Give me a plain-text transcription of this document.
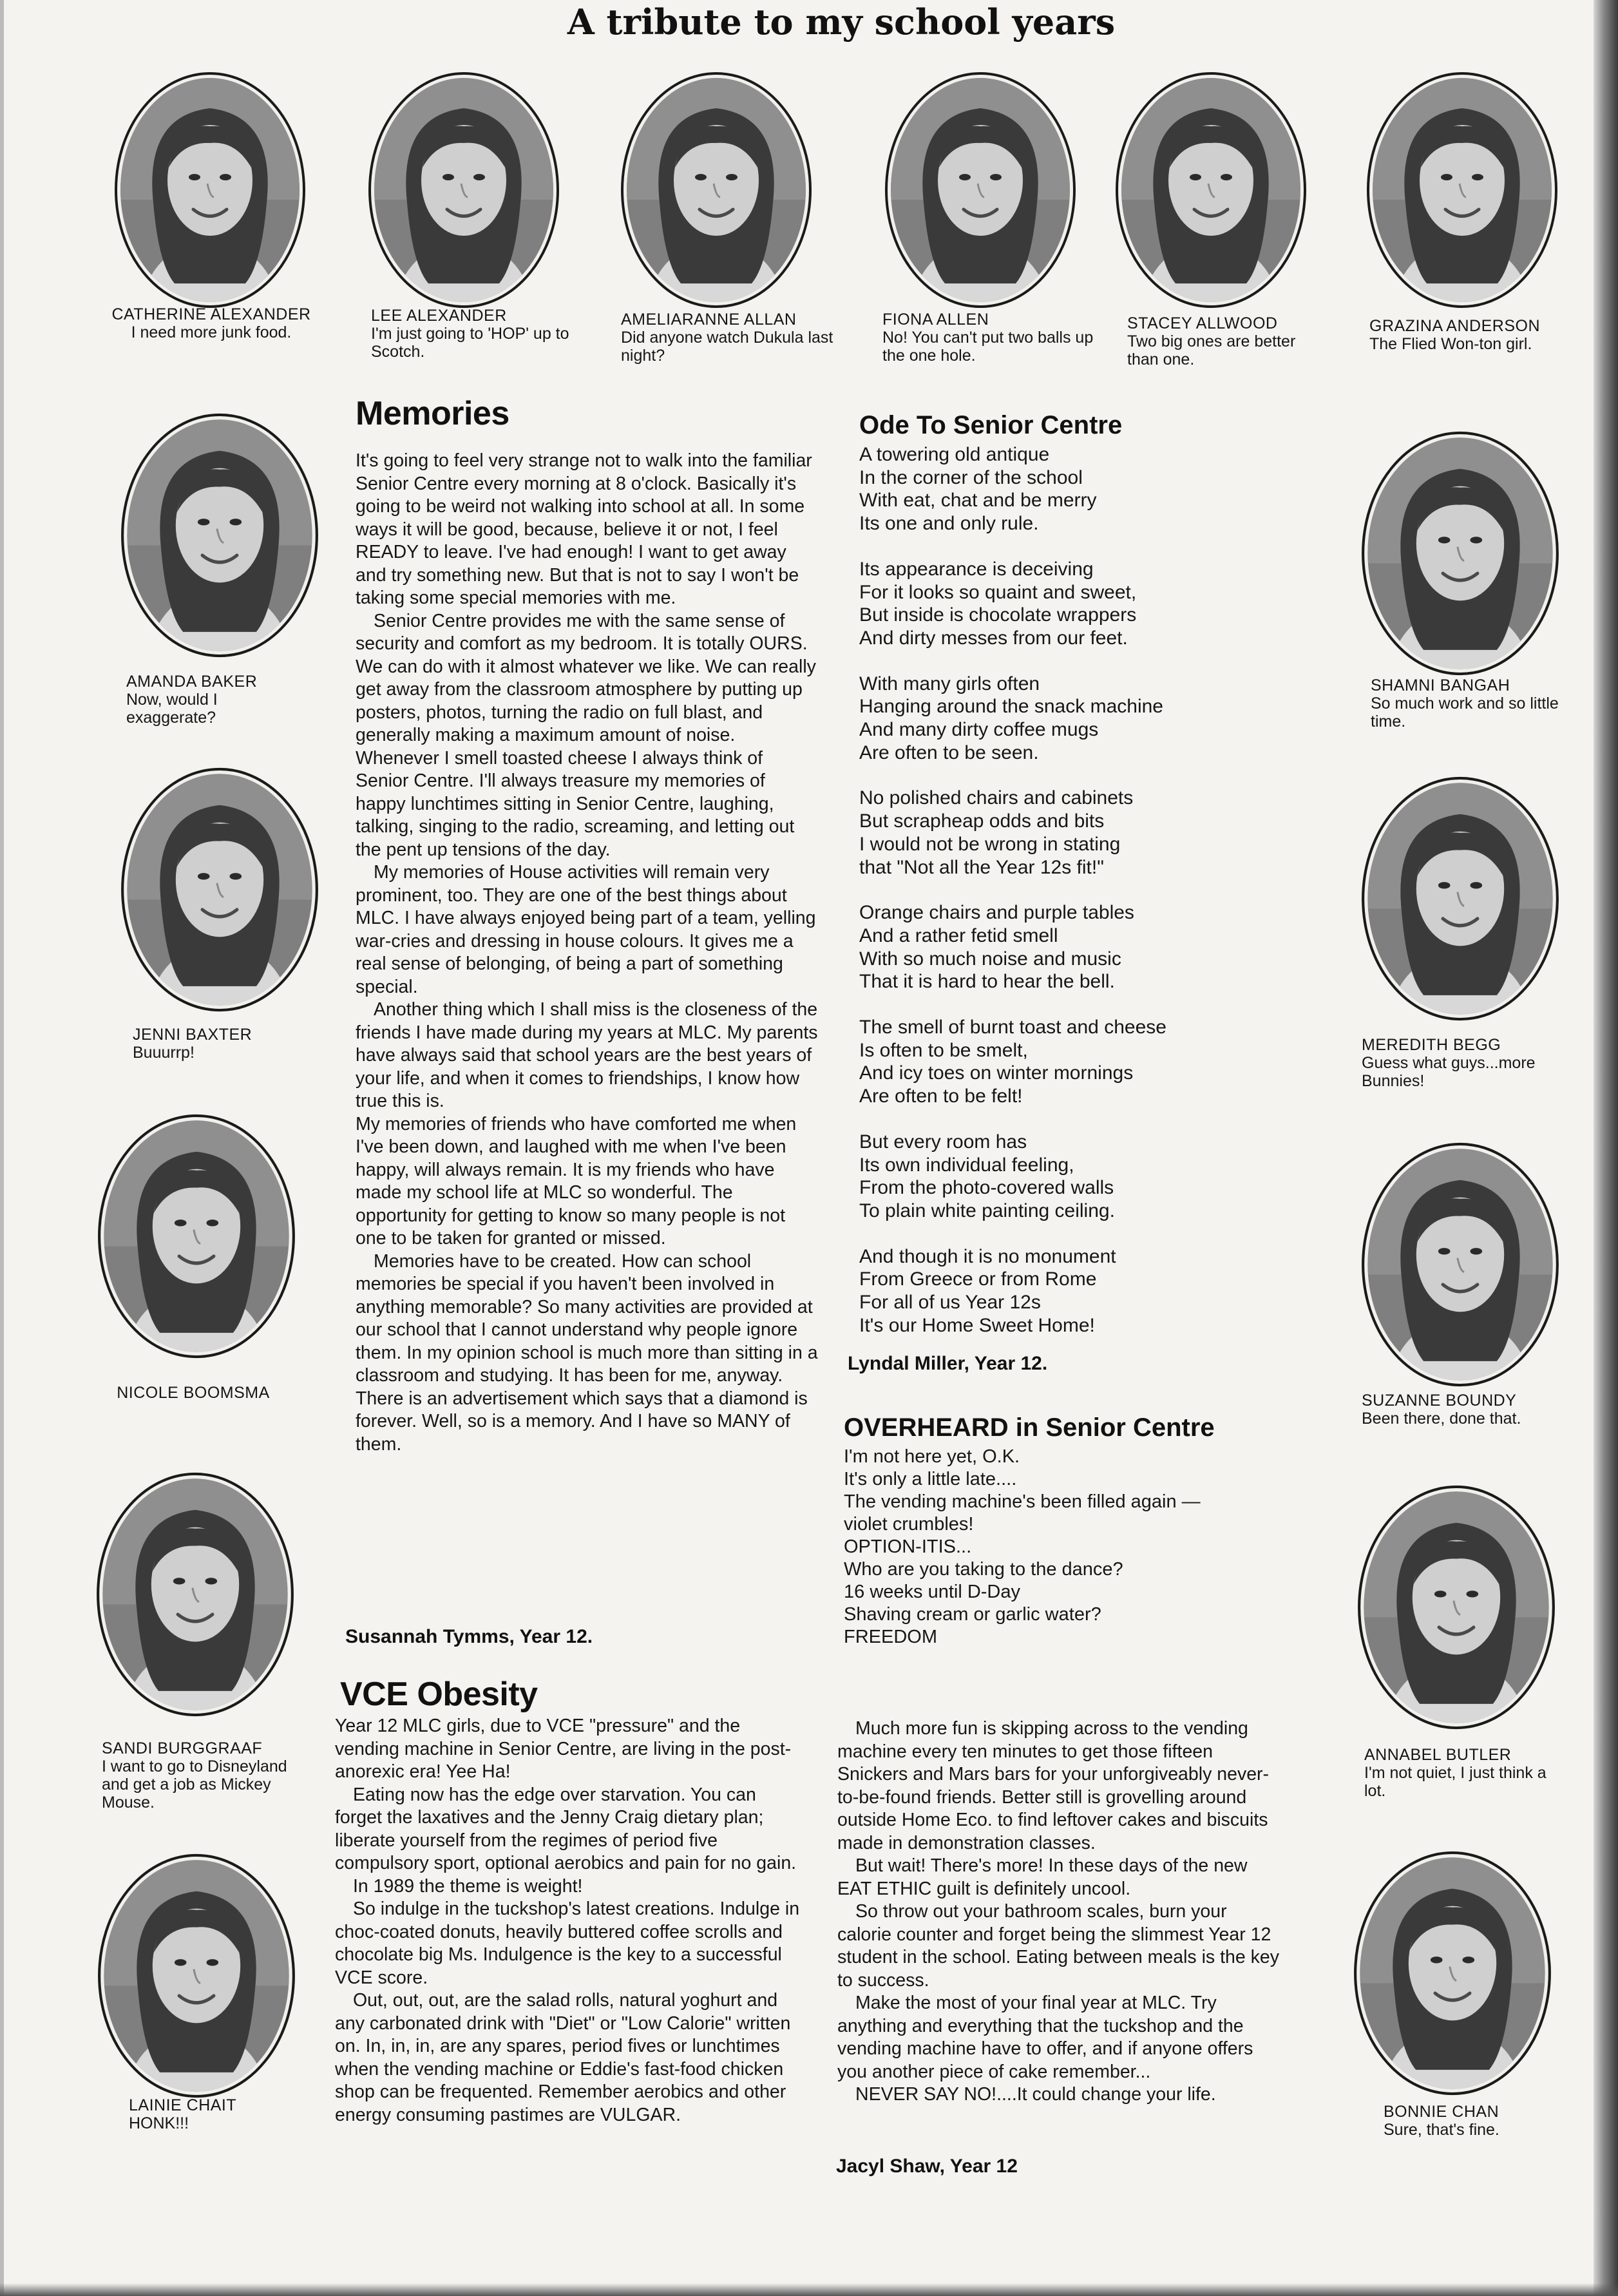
A tribute to my school years
CATHERINE ALEXANDER
I need more junk food.
LEE ALEXANDER
I'm just going to 'HOP' up to Scotch.
AMELIARANNE ALLAN
Did anyone watch Dukula last night?
FIONA ALLEN
No! You can't put two balls up the one hole.
STACEY ALLWOOD
Two big ones are better than one.
GRAZINA ANDERSON
The Flied Won-ton girl.
AMANDA BAKER
Now, would I exaggerate?
JENNI BAXTER
Buuurrp!
NICOLE BOOMSMA
SANDI BURGGRAAF
I want to go to Disneyland and get a job as Mickey Mouse.
LAINIE CHAIT
HONK!!!
SHAMNI BANGAH
So much work and so little time.
MEREDITH BEGG
Guess what guys...more Bunnies!
SUZANNE BOUNDY
Been there, done that.
ANNABEL BUTLER
I'm not quiet, I just think a lot.
BONNIE CHAN
Sure, that's fine.
Memories

It's going to feel very strange not to walk into the familiar Senior Centre every morning at 8 o'clock. Basically it's going to be weird not walking into school at all. In some ways it will be good, because, believe it or not, I feel READY to leave. I've had enough! I want to get away and try something new. But that is not to say I won't be taking some special memories with me.

Senior Centre provides me with the same sense of security and comfort as my bedroom. It is totally OURS. We can do with it almost whatever we like. We can really get away from the classroom atmosphere by putting up posters, photos, turning the radio on full blast, and generally making a maximum amount of noise. Whenever I smell toasted cheese I always think of Senior Centre. I'll always treasure my memories of happy lunchtimes sitting in Senior Centre, laughing, talking, singing to the radio, screaming, and letting out the pent up tensions of the day.

My memories of House activities will remain very prominent, too. They are one of the best things about MLC. I have always enjoyed being part of a team, yelling war-cries and dressing in house colours. It gives me a real sense of belonging, of being a part of something special.

Another thing which I shall miss is the closeness of the friends I have made during my years at MLC. My parents have always said that school years are the best years of your life, and when it comes to friendships, I know how true this is.

My memories of friends who have comforted me when I've been down, and laughed with me when I've been happy, will always remain. It is my friends who have made my school life at MLC so wonderful. The opportunity for getting to know so many people is not one to be taken for granted or missed.

Memories have to be created. How can school memories be special if you haven't been involved in anything memorable? So many activities are provided at our school that I cannot understand why people ignore them. In my opinion school is much more than sitting in a classroom and studying. It has been for me, anyway. There is an advertisement which says that a diamond is forever. Well, so is a memory. And I have so MANY of them.

Susannah Tymms, Year 12.
Ode To Senior Centre
A towering old antique
In the corner of the school
With eat, chat and be merry
Its one and only rule.
Its appearance is deceiving
For it looks so quaint and sweet,
But inside is chocolate wrappers
And dirty messes from our feet.
With many girls often
Hanging around the snack machine
And many dirty coffee mugs
Are often to be seen.
No polished chairs and cabinets
But scrapheap odds and bits
I would not be wrong in stating
that "Not all the Year 12s fit!"
Orange chairs and purple tables
And a rather fetid smell
With so much noise and music
That it is hard to hear the bell.
The smell of burnt toast and cheese
Is often to be smelt,
And icy toes on winter mornings
Are often to be felt!
But every room has
Its own individual feeling,
From the photo-covered walls
To plain white painting ceiling.
And though it is no monument
From Greece or from Rome
For all of us Year 12s
It's our Home Sweet Home!
Lyndal Miller, Year 12.
OVERHEARD in Senior Centre
I'm not here yet, O.K.
It's only a little late....
The vending machine's been filled again —
violet crumbles!
OPTION-ITIS...
Who are you taking to the dance?
16 weeks until D-Day
Shaving cream or garlic water?
FREEDOM
VCE Obesity

Year 12 MLC girls, due to VCE "pressure" and the vending machine in Senior Centre, are living in the post-anorexic era! Yee Ha!

Eating now has the edge over starvation. You can forget the laxatives and the Jenny Craig dietary plan; liberate yourself from the regimes of period five compulsory sport, optional aerobics and pain for no gain.

In 1989 the theme is weight!

So indulge in the tuckshop's latest creations. Indulge in choc-coated donuts, heavily buttered coffee scrolls and chocolate big Ms. Indulgence is the key to a successful VCE score.

Out, out, out, are the salad rolls, natural yoghurt and any carbonated drink with "Diet" or "Low Calorie" written on. In, in, in, are any spares, period fives or lunchtimes when the vending machine or Eddie's fast-food chicken shop can be frequented. Remember aerobics and other energy consuming pastimes are VULGAR.

Much more fun is skipping across to the vending machine every ten minutes to get those fifteen Snickers and Mars bars for your unforgiveably never-to-be-found friends. Better still is grovelling around outside Home Eco. to find leftover cakes and biscuits made in demonstration classes.

But wait! There's more! In these days of the new EAT ETHIC guilt is definitely uncool.

So throw out your bathroom scales, burn your calorie counter and forget being the slimmest Year 12 student in the school. Eating between meals is the key to success.

Make the most of your final year at MLC. Try anything and everything that the tuckshop and the vending machine have to offer, and if anyone offers you another piece of cake remember...

NEVER SAY NO!....It could change your life.

Jacyl Shaw, Year 12
